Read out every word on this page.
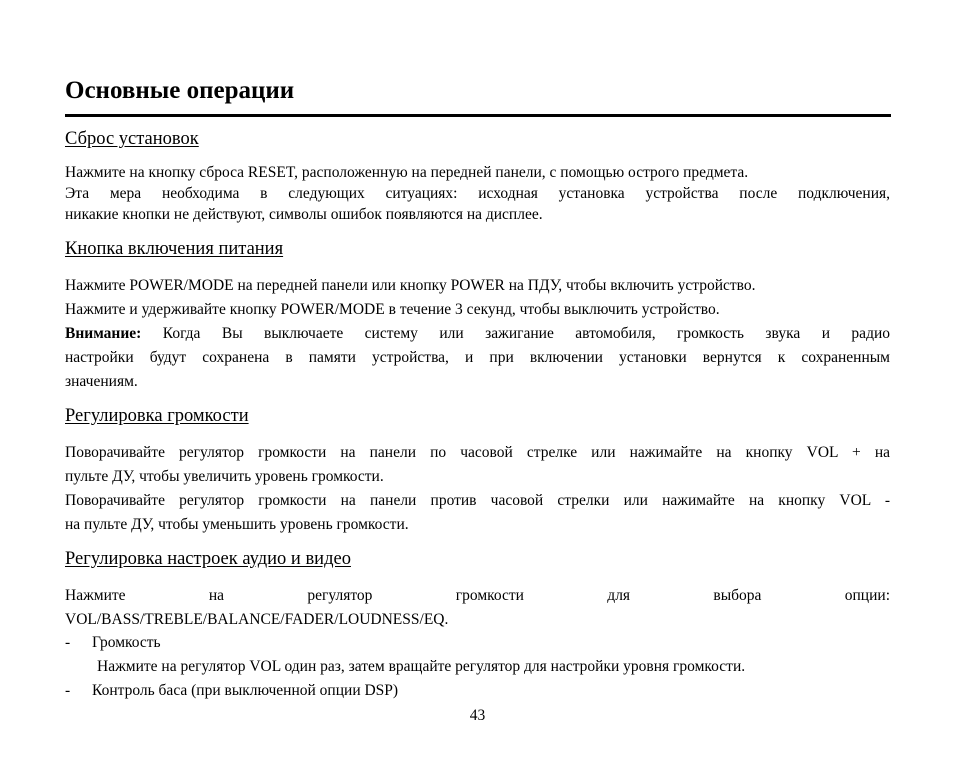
Основные операции
Сброс установок
Нажмите на кнопку сброса RESET, расположенную на передней панели, с помощью острого предмета.
Эта мера необходима в следующих ситуациях: исходная установка устройства после подключения,
никакие кнопки не действуют, символы ошибок появляются на дисплее.
Кнопка включения питания
Нажмите POWER/MODE на передней панели или кнопку POWER на ПДУ, чтобы включить устройство.
Нажмите и удерживайте кнопку POWER/MODE в течение 3 секунд, чтобы выключить устройство.
Внимание: Когда Вы выключаете систему или зажигание автомобиля, громкость звука и радио
настройки будут сохранена в памяти устройства, и при включении установки вернутся к сохраненным
значениям.
Регулировка громкости
Поворачивайте регулятор громкости на панели по часовой стрелке или нажимайте на кнопку VOL + на
пульте ДУ, чтобы увеличить уровень громкости.
Поворачивайте регулятор громкости на панели против часовой стрелки или нажимайте на кнопку VOL -
на пульте ДУ, чтобы уменьшить уровень громкости.
Регулировка настроек аудио и видео
Нажмите на регулятор громкости для выбора опции:
VOL/BASS/TREBLE/BALANCE/FADER/LOUDNESS/EQ.
- Громкость
Нажмите на регулятор VOL один раз, затем вращайте регулятор для настройки уровня громкости.
- Контроль баса (при выключенной опции DSP)
43
